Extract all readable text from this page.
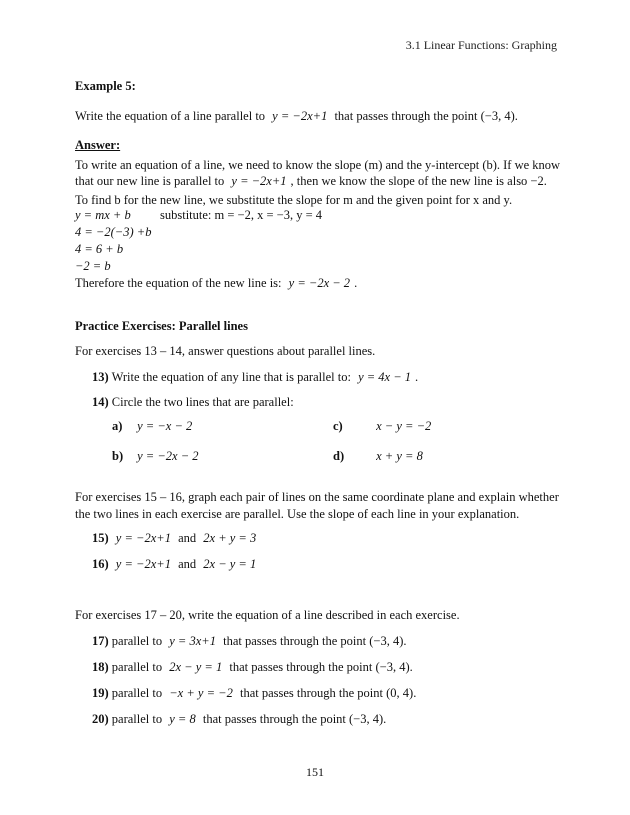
3.1 Linear Functions: Graphing
Example 5:
Write the equation of a line parallel to y = −2x+1 that passes through the point (−3, 4).
Answer:
To write an equation of a line, we need to know the slope (m) and the y-intercept (b). If we know
that our new line is parallel to y = −2x+1 , then we know the slope of the new line is also −2.
To find b for the new line, we substitute the slope for m and the given point for x and y.
y = mx + b substitute: m = −2, x = −3, y = 4
4 = −2(−3) +b
4 = 6 + b
−2 = b
Therefore the equation of the new line is: y = −2x − 2 .
Practice Exercises: Parallel lines
For exercises 13 – 14, answer questions about parallel lines.
13) Write the equation of any line that is parallel to: y = 4x − 1 .
14) Circle the two lines that are parallel:
a) y = −x − 2	c)	x − y = −2
b) y = −2x − 2	d)	x + y = 8
For exercises 15 – 16, graph each pair of lines on the same coordinate plane and explain whether the two lines in each exercise are parallel. Use the slope of each line in your explanation.
15) y = −2x+1 and 2x + y = 3
16) y = −2x+1 and 2x − y = 1
For exercises 17 – 20, write the equation of a line described in each exercise.
17) parallel to y = 3x+1 that passes through the point (−3, 4).
18) parallel to 2x − y = 1 that passes through the point (−3, 4).
19) parallel to −x + y = −2 that passes through the point (0, 4).
20) parallel to y = 8 that passes through the point (−3, 4).
151
